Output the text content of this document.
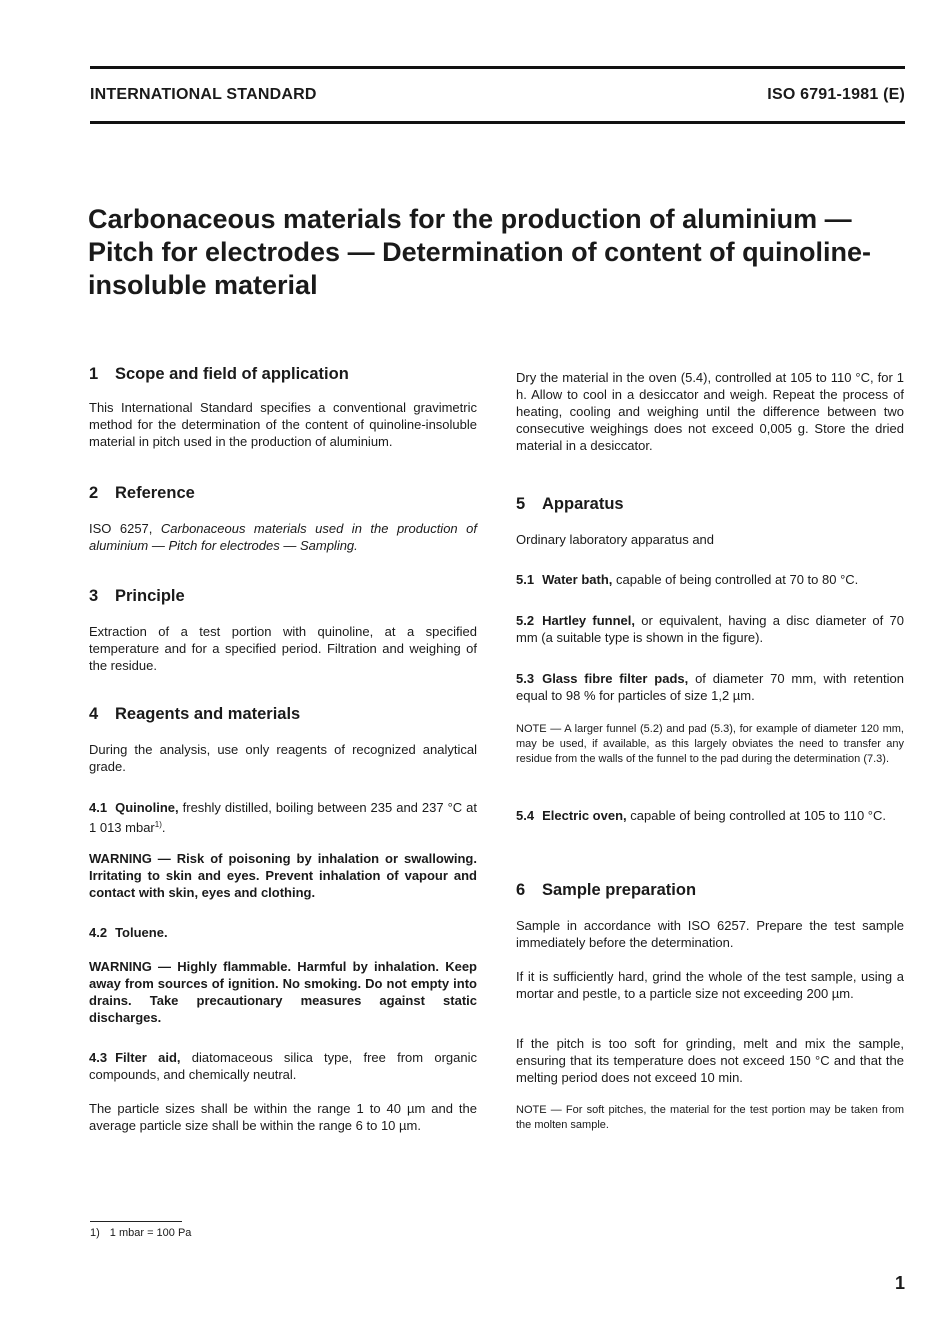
INTERNATIONAL STANDARD	ISO 6791-1981 (E)
Carbonaceous materials for the production of aluminium — Pitch for electrodes — Determination of content of quinoline-insoluble material
1 Scope and field of application

This International Standard specifies a conventional gravimetric method for the determination of the content of quinoline-insoluble material in pitch used in the production of aluminium.

2 Reference

ISO 6257, Carbonaceous materials used in the production of aluminium — Pitch for electrodes — Sampling.

3 Principle

Extraction of a test portion with quinoline, at a specified temperature and for a specified period. Filtration and weighing of the residue.

4 Reagents and materials

During the analysis, use only reagents of recognized analytical grade.

4.1 Quinoline, freshly distilled, boiling between 235 and 237 °C at 1 013 mbar$^{1)}$.

WARNING — Risk of poisoning by inhalation or swallowing. Irritating to skin and eyes. Prevent inhalation of vapour and contact with skin, eyes and clothing.

4.2 Toluene.

WARNING — Highly flammable. Harmful by inhalation. Keep away from sources of ignition. No smoking. Do not empty into drains. Take precautionary measures against static discharges.

4.3 Filter aid, diatomaceous silica type, free from organic compounds, and chemically neutral.

The particle sizes shall be within the range 1 to 40 µm and the average particle size shall be within the range 6 to 10 µm.

Dry the material in the oven (5.4), controlled at 105 to 110 °C, for 1 h. Allow to cool in a desiccator and weigh. Repeat the process of heating, cooling and weighing until the difference between two consecutive weighings does not exceed 0,005 g. Store the dried material in a desiccator.

5 Apparatus

Ordinary laboratory apparatus and

5.1 Water bath, capable of being controlled at 70 to 80 °C.

5.2 Hartley funnel, or equivalent, having a disc diameter of 70 mm (a suitable type is shown in the figure).

5.3 Glass fibre filter pads, of diameter 70 mm, with retention equal to 98 % for particles of size 1,2 µm.

NOTE — A larger funnel (5.2) and pad (5.3), for example of diameter 120 mm, may be used, if available, as this largely obviates the need to transfer any residue from the walls of the funnel to the pad during the determination (7.3).

5.4 Electric oven, capable of being controlled at 105 to 110 °C.

6 Sample preparation

Sample in accordance with ISO 6257. Prepare the test sample immediately before the determination.

If it is sufficiently hard, grind the whole of the test sample, using a mortar and pestle, to a particle size not exceeding 200 µm.

If the pitch is too soft for grinding, melt and mix the sample, ensuring that its temperature does not exceed 150 °C and that the melting period does not exceed 10 min.

NOTE — For soft pitches, the material for the test portion may be taken from the molten sample.

1) 1 mbar = 100 Pa
1
